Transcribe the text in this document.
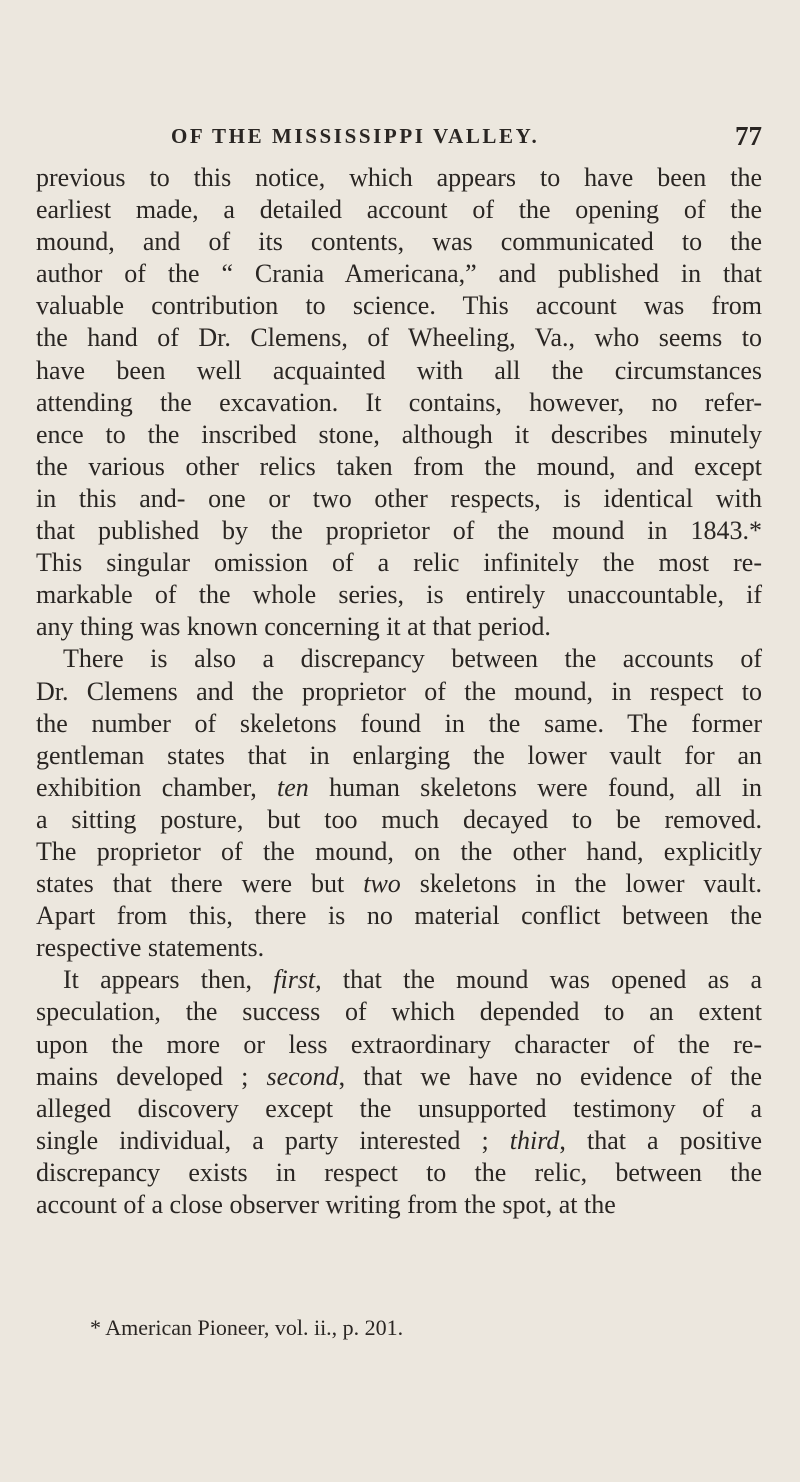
OF THE MISSISSIPPI VALLEY.	77
previous to this notice, which appears to have been the
earliest made, a detailed account of the opening of the
mound, and of its contents, was communicated to the
author of the “ Crania Americana,” and published in that
valuable contribution to science. This account was from
the hand of Dr. Clemens, of Wheeling, Va., who seems to
have been well acquainted with all the circumstances
attending the excavation. It contains, however, no refer-
ence to the inscribed stone, although it describes minutely
the various other relics taken from the mound, and except
in this and- one or two other respects, is identical with
that published by the proprietor of the mound in 1843.*
This singular omission of a relic infinitely the most re-
markable of the whole series, is entirely unaccountable, if
any thing was known concerning it at that period.
There is also a discrepancy between the accounts of
Dr. Clemens and the proprietor of the mound, in respect to
the number of skeletons found in the same. The former
gentleman states that in enlarging the lower vault for an
exhibition chamber, ten human skeletons were found, all in
a sitting posture, but too much decayed to be removed.
The proprietor of the mound, on the other hand, explicitly
states that there were but two skeletons in the lower vault.
Apart from this, there is no material conflict between the
respective statements.
It appears then, first, that the mound was opened as a
speculation, the success of which depended to an extent
upon the more or less extraordinary character of the re-
mains developed ; second, that we have no evidence of the
alleged discovery except the unsupported testimony of a
single individual, a party interested ; third, that a positive
discrepancy exists in respect to the relic, between the
account of a close observer writing from the spot, at the
* American Pioneer, vol. ii., p. 201.
